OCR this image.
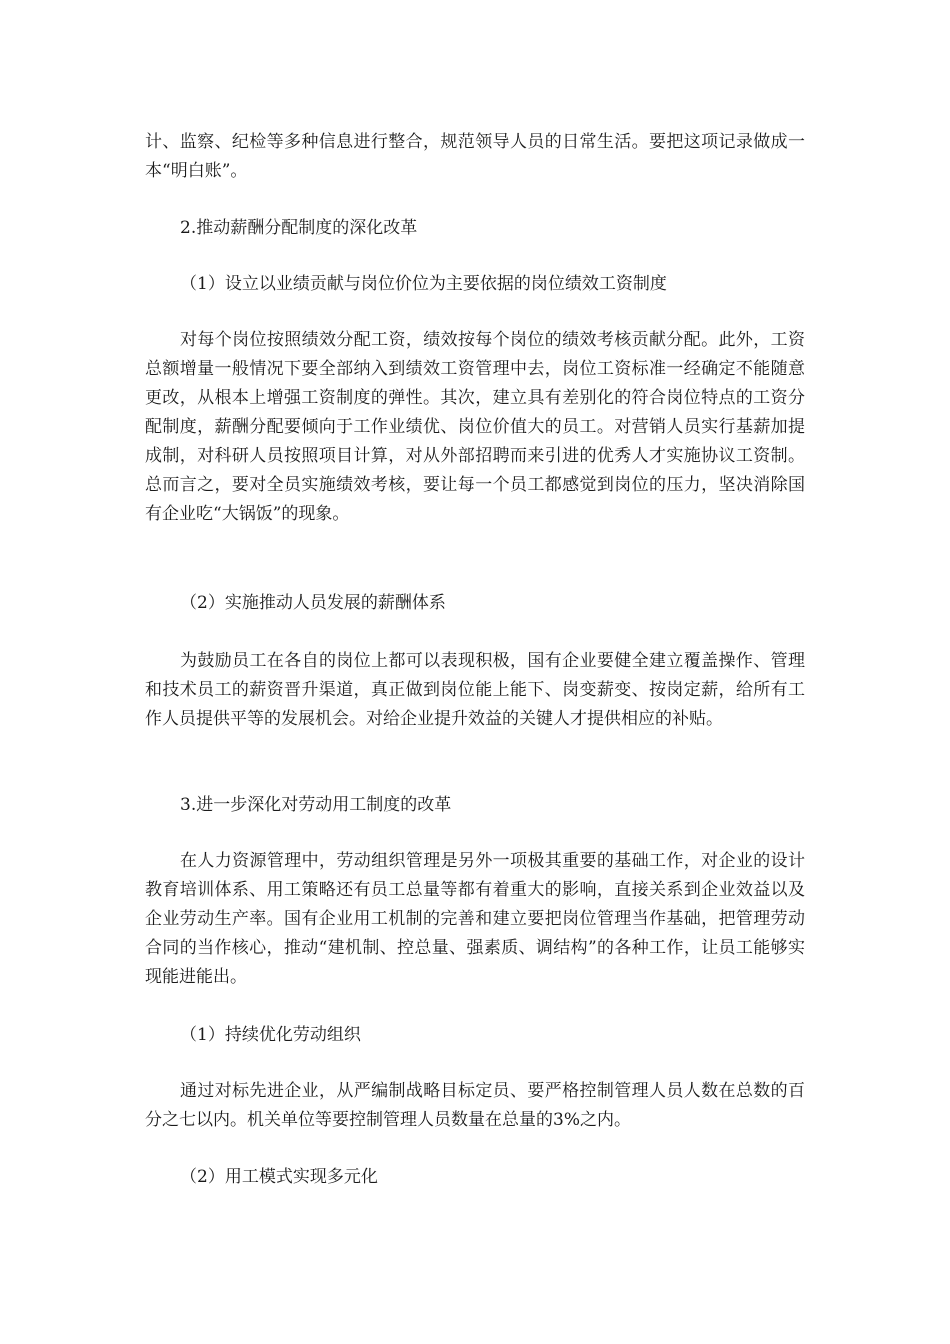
计、监察、纪检等多种信息进行整合，规范领导人员的日常生活。要把这项记录做成一本“明白账”。

2.推动薪酬分配制度的深化改革

（1）设立以业绩贡献与岗位价位为主要依据的岗位绩效工资制度

对每个岗位按照绩效分配工资，绩效按每个岗位的绩效考核贡献分配。此外，工资总额增量一般情况下要全部纳入到绩效工资管理中去，岗位工资标准一经确定不能随意更改，从根本上增强工资制度的弹性。其次，建立具有差别化的符合岗位特点的工资分配制度，薪酬分配要倾向于工作业绩优、岗位价值大的员工。对营销人员实行基薪加提成制，对科研人员按照项目计算，对从外部招聘而来引进的优秀人才实施协议工资制。总而言之，要对全员实施绩效考核，要让每一个员工都感觉到岗位的压力，坚决消除国有企业吃“大锅饭”的现象。

（2）实施推动人员发展的薪酬体系

为鼓励员工在各自的岗位上都可以表现积极，国有企业要健全建立覆盖操作、管理和技术员工的薪资晋升渠道，真正做到岗位能上能下、岗变薪变、按岗定薪，给所有工作人员提供平等的发展机会。对给企业提升效益的关键人才提供相应的补贴。

3.进一步深化对劳动用工制度的改革

在人力资源管理中，劳动组织管理是另外一项极其重要的基础工作，对企业的设计教育培训体系、用工策略还有员工总量等都有着重大的影响，直接关系到企业效益以及企业劳动生产率。国有企业用工机制的完善和建立要把岗位管理当作基础，把管理劳动合同的当作核心，推动“建机制、控总量、强素质、调结构”的各种工作，让员工能够实现能进能出。

（1）持续优化劳动组织

通过对标先进企业，从严编制战略目标定员、要严格控制管理人员人数在总数的百分之七以内。机关单位等要控制管理人员数量在总量的3%之内。

（2）用工模式实现多元化
